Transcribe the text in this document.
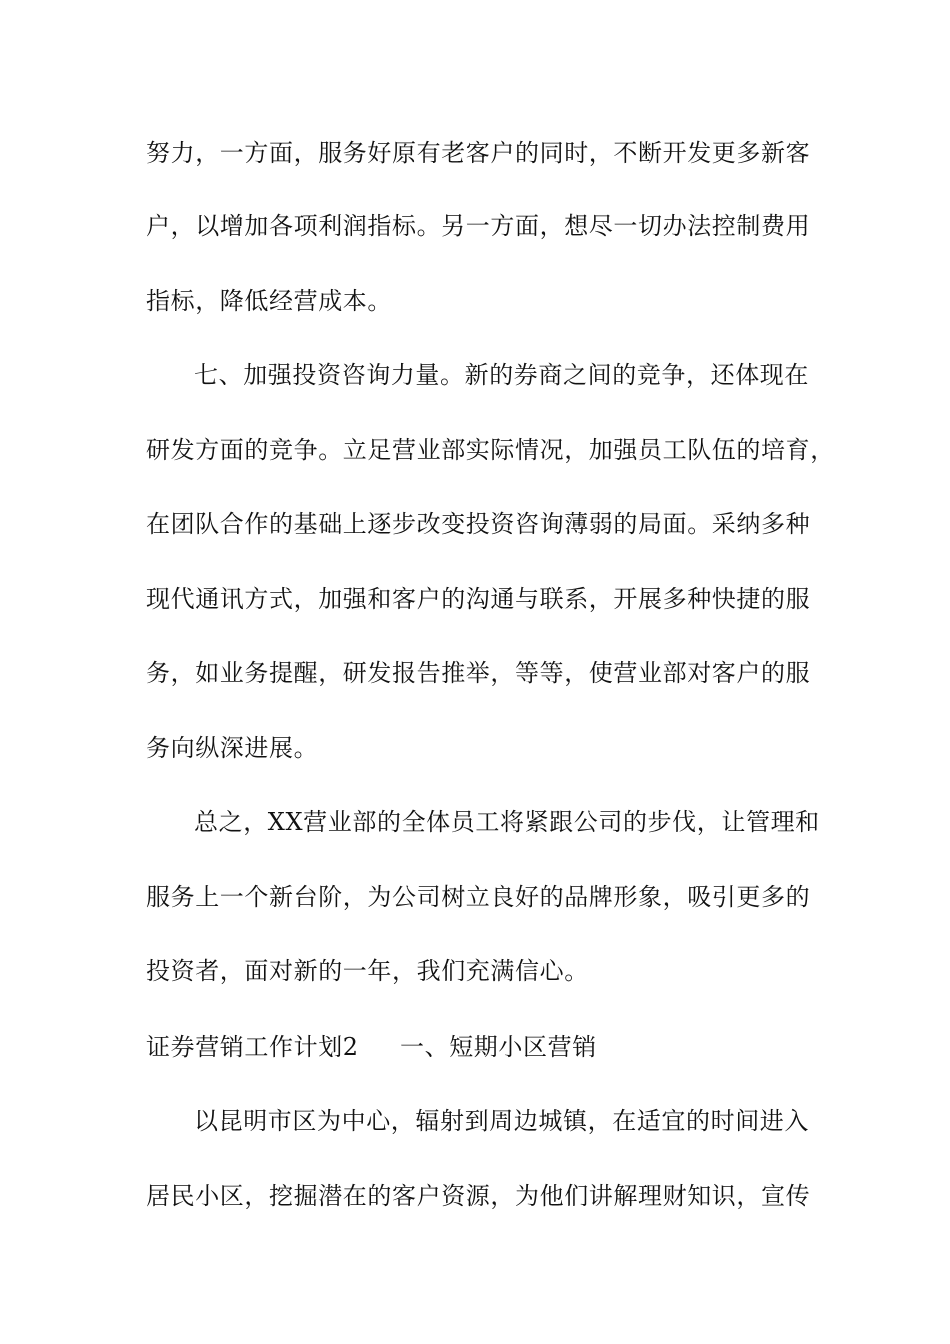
努力，一方面，服务好原有老客户的同时，不断开发更多新客
户，以增加各项利润指标。另一方面，想尽一切办法控制费用
指标，降低经营成本。
七、加强投资咨询力量。新的券商之间的竞争，还体现在
研发方面的竞争。立足营业部实际情况，加强员工队伍的培育，
在团队合作的基础上逐步改变投资咨询薄弱的局面。采纳多种
现代通讯方式，加强和客户的沟通与联系，开展多种快捷的服
务，如业务提醒，研发报告推举，等等，使营业部对客户的服
务向纵深进展。
总之，XX营业部的全体员工将紧跟公司的步伐，让管理和
服务上一个新台阶，为公司树立良好的品牌形象，吸引更多的
投资者，面对新的一年，我们充满信心。
证券营销工作计划2 一、短期小区营销
以昆明市区为中心，辐射到周边城镇，在适宜的时间进入
居民小区，挖掘潜在的客户资源，为他们讲解理财知识，宣传
